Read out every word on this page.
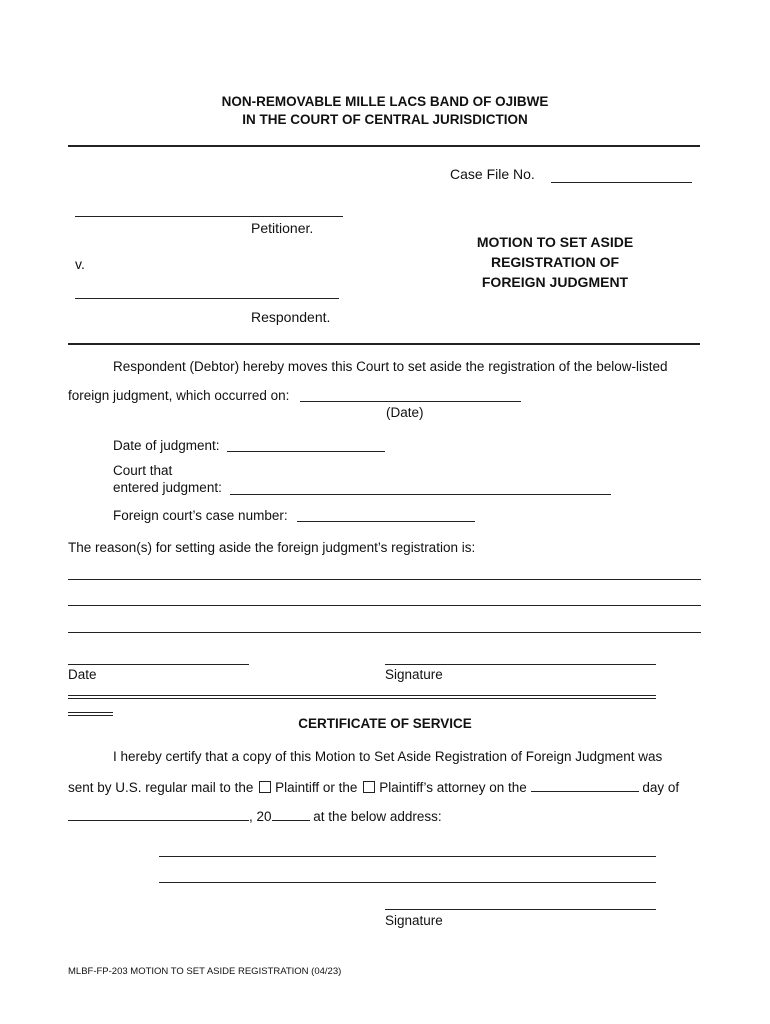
NON-REMOVABLE MILLE LACS BAND OF OJIBWE
IN THE COURT OF CENTRAL JURISDICTION
Case File No.
Petitioner.
v.
Respondent.
MOTION TO SET ASIDE
REGISTRATION OF
FOREIGN JUDGMENT
Respondent (Debtor) hereby moves this Court to set aside the registration of the below-listed
foreign judgment, which occurred on:
(Date)
Date of judgment:
Court that
entered judgment:
Foreign court’s case number:
The reason(s) for setting aside the foreign judgment’s registration is:
Date	Signature
CERTIFICATE OF SERVICE
I hereby certify that a copy of this Motion to Set Aside Registration of Foreign Judgment was
sent by U.S. regular mail to the Plaintiff or the Plaintiff’s attorney on the	day of
, 20	at the below address:
Signature
MLBF-FP-203 MOTION TO SET ASIDE REGISTRATION (04/23)
